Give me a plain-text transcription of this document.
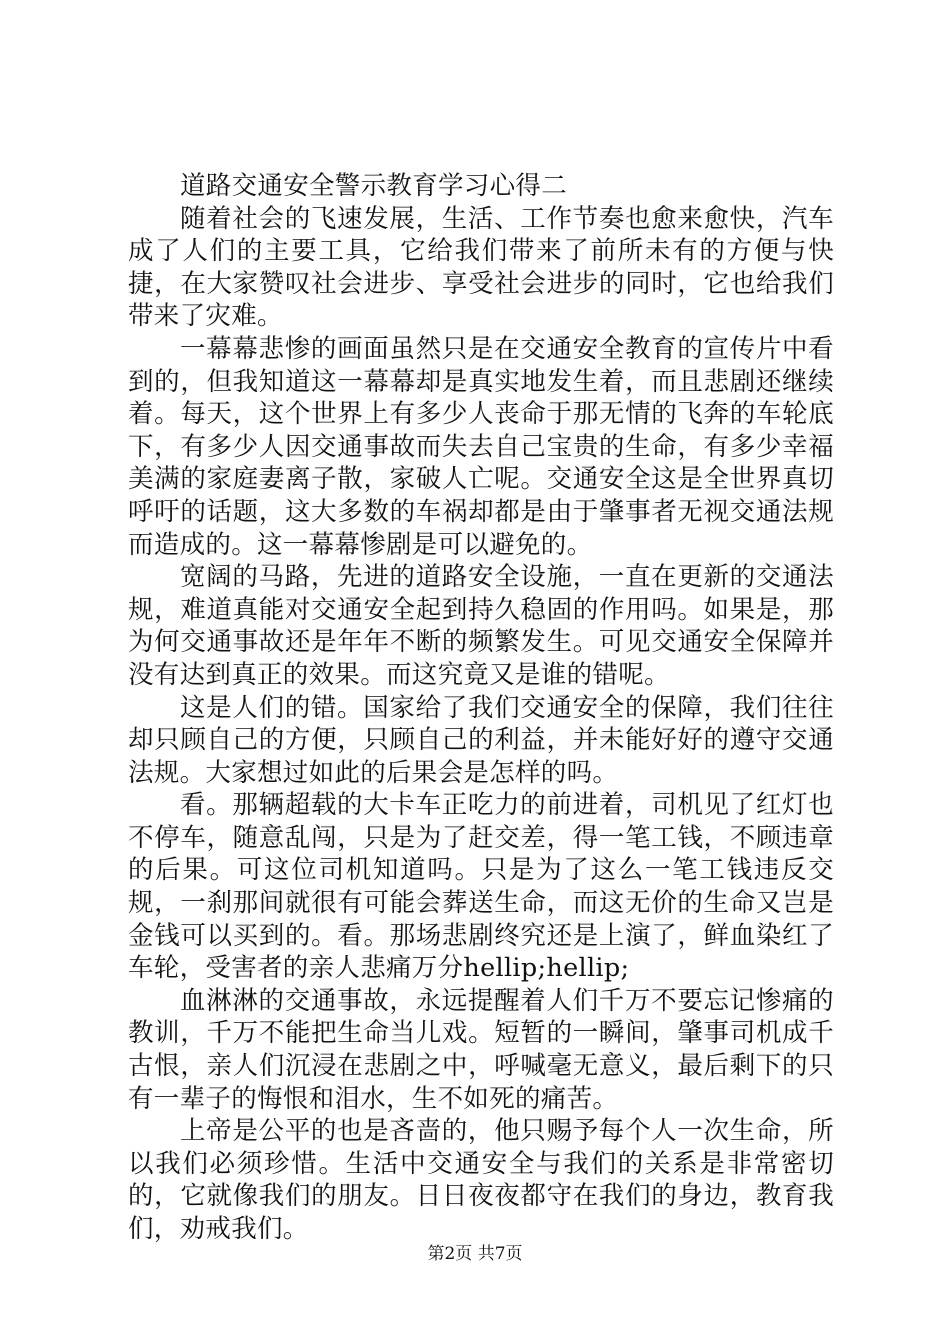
道路交通安全警示教育学习心得二

随着社会的飞速发展，生活、工作节奏也愈来愈快，汽车成了人们的主要工具，它给我们带来了前所未有的方便与快捷，在大家赞叹社会进步、享受社会进步的同时，它也给我们带来了灾难。

一幕幕悲惨的画面虽然只是在交通安全教育的宣传片中看到的，但我知道这一幕幕却是真实地发生着，而且悲剧还继续着。每天，这个世界上有多少人丧命于那无情的飞奔的车轮底下，有多少人因交通事故而失去自己宝贵的生命，有多少幸福美满的家庭妻离子散，家破人亡呢。交通安全这是全世界真切呼吁的话题，这大多数的车祸却都是由于肇事者无视交通法规而造成的。这一幕幕惨剧是可以避免的。

宽阔的马路，先进的道路安全设施，一直在更新的交通法规，难道真能对交通安全起到持久稳固的作用吗。如果是，那为何交通事故还是年年不断的频繁发生。可见交通安全保障并没有达到真正的效果。而这究竟又是谁的错呢。

这是人们的错。国家给了我们交通安全的保障，我们往往却只顾自己的方便，只顾自己的利益，并未能好好的遵守交通法规。大家想过如此的后果会是怎样的吗。

看。那辆超载的大卡车正吃力的前进着，司机见了红灯也不停车，随意乱闯，只是为了赶交差，得一笔工钱，不顾违章的后果。可这位司机知道吗。只是为了这么一笔工钱违反交规，一刹那间就很有可能会葬送生命，而这无价的生命又岂是金钱可以买到的。看。那场悲剧终究还是上演了，鲜血染红了车轮，受害者的亲人悲痛万分hellip;hellip;

血淋淋的交通事故，永远提醒着人们千万不要忘记惨痛的教训，千万不能把生命当儿戏。短暂的一瞬间，肇事司机成千古恨，亲人们沉浸在悲剧之中，呼喊毫无意义，最后剩下的只有一辈子的悔恨和泪水，生不如死的痛苦。

上帝是公平的也是吝啬的，他只赐予每个人一次生命，所以我们必须珍惜。生活中交通安全与我们的关系是非常密切的，它就像我们的朋友。日日夜夜都守在我们的身边，教育我们，劝戒我们。

第2页 共7页
